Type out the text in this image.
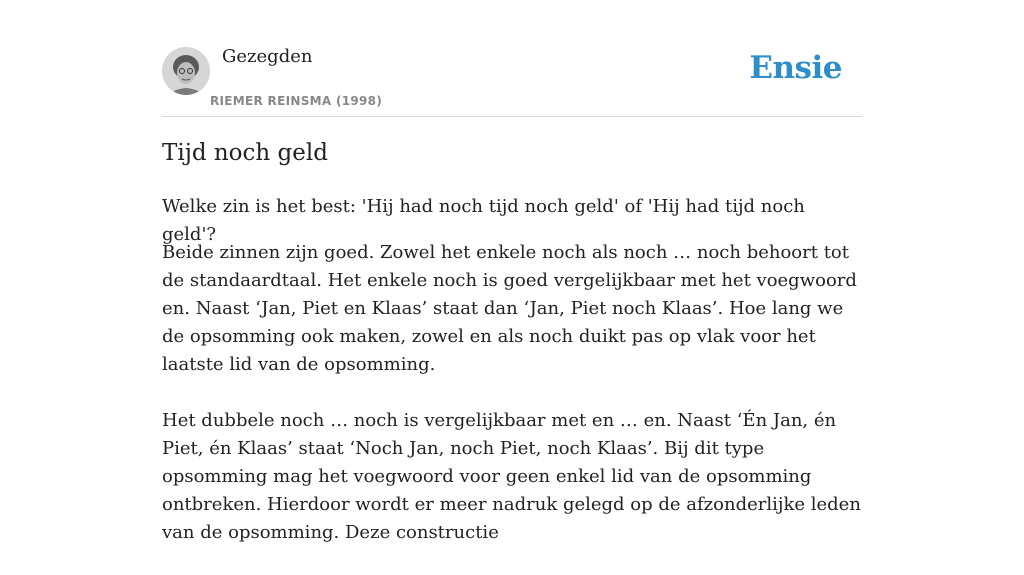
Gezegden
RIEMER REINSMA (1998)
Ensie
Tijd noch geld

Welke zin is het best: 'Hij had noch tijd noch geld' of 'Hij had tijd noch geld'?

Beide zinnen zijn goed. Zowel het enkele noch als noch … noch behoort tot de standaardtaal. Het enkele noch is goed vergelijkbaar met het voegwoord en. Naast ‘Jan, Piet en Klaas’ staat dan ‘Jan, Piet noch Klaas’. Hoe lang we de opsomming ook maken, zowel en als noch duikt pas op vlak voor het laatste lid van de opsomming.

Het dubbele noch … noch is vergelijkbaar met en … en. Naast ‘Én Jan, én Piet, én Klaas’ staat ‘Noch Jan, noch Piet, noch Klaas’. Bij dit type opsomming mag het voegwoord voor geen enkel lid van de opsomming ontbreken. Hierdoor wordt er meer nadruk gelegd op de afzonderlijke leden van de opsomming. Deze constructie
